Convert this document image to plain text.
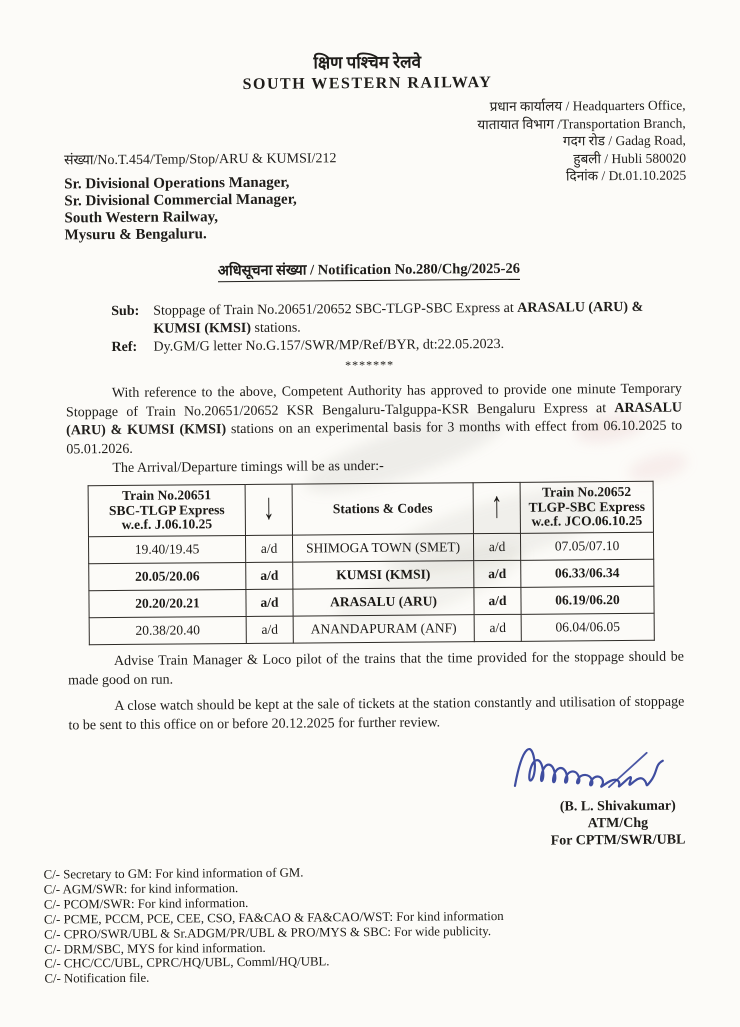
क्षिण पश्चिम रेलवे
SOUTH WESTERN RAILWAY
प्रधान कार्यालय / Headquarters Office,
यातायात विभाग /Transportation Branch,
गदग रोड / Gadag Road,
हुबली / Hubli 580020
दिनांक / Dt.01.10.2025
संख्या/No.T.454/Temp/Stop/ARU & KUMSI/212
Sr. Divisional Operations Manager,
Sr. Divisional Commercial Manager,
South Western Railway,
Mysuru & Bengaluru.
अधिसूचना संख्या / Notification No.280/Chg/2025-26
Sub: Stoppage of Train No.20651/20652 SBC-TLGP-SBC Express at ARASALU (ARU) &
KUMSI (KMSI) stations.
Ref:	Dy.GM/G letter No.G.157/SWR/MP/Ref/BYR, dt:22.05.2023.
*******
With reference to the above, Competent Authority has approved to provide one minute Temporary Stoppage of Train No.20651/20652 KSR Bengaluru-Talguppa-KSR Bengaluru Express at ARASALU (ARU) & KUMSI (KMSI) stations on an experimental basis for 3 months with effect from 06.10.2025 to 05.01.2026.
The Arrival/Departure timings will be as under:-
Train No.20651
SBC-TLGP Express
w.e.f. J.06.10.25	↓	Stations & Codes	↑	Train No.20652
TLGP-SBC Express
w.e.f. JCO.06.10.25

19.40/19.45	a/d	SHIMOGA TOWN (SMET)	a/d	07.05/07.10
20.05/20.06	a/d	KUMSI (KMSI)	a/d	06.33/06.34
20.20/20.21	a/d	ARASALU (ARU)	a/d	06.19/06.20
20.38/20.40	a/d	ANANDAPURAM (ANF)	a/d	06.04/06.05
Advise Train Manager & Loco pilot of the trains that the time provided for the stoppage should be made good on run.
A close watch should be kept at the sale of tickets at the station constantly and utilisation of stoppage to be sent to this office on or before 20.12.2025 for further review.

(B. L. Shivakumar)
ATM/Chg
For CPTM/SWR/UBL
C/- Secretary to GM: For kind information of GM.
C/- AGM/SWR: for kind information.
C/- PCOM/SWR: For kind information.
C/- PCME, PCCM, PCE, CEE, CSO, FA&CAO & FA&CAO/WST: For kind information
C/- CPRO/SWR/UBL & Sr.ADGM/PR/UBL & PRO/MYS & SBC: For wide publicity.
C/- DRM/SBC, MYS for kind information.
C/- CHC/CC/UBL, CPRC/HQ/UBL, Comml/HQ/UBL.
C/- Notification file.
